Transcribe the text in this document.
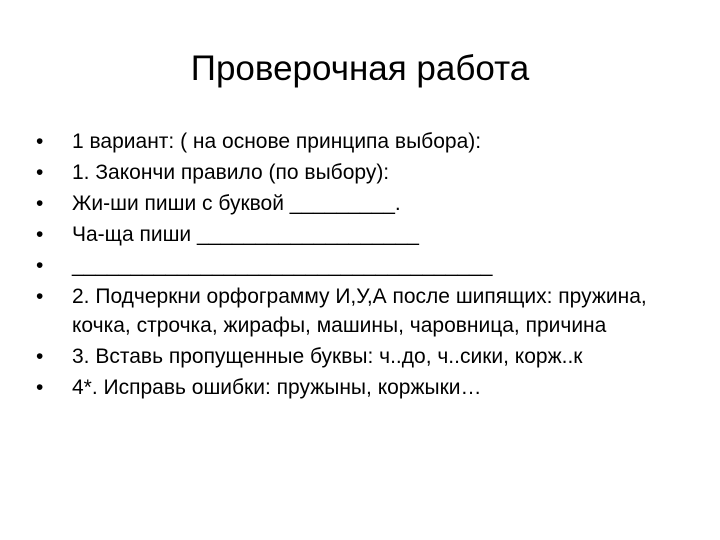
Проверочная работа
•	1 вариант: ( на основе принципа выбора):
•	1. Закончи правило (по выбору):
•	Жи-ши пиши с буквой _________.
•	Ча-ща пиши ___________________
•	____________________________________
•	2. Подчеркни орфограмму И,У,А после шипящих: пружина, кочка, строчка, жирафы, машины, чаровница, причина
•	3. Вставь пропущенные буквы: ч..до, ч..сики, корж..к
•	4*. Исправь ошибки: пружыны, коржыки…
